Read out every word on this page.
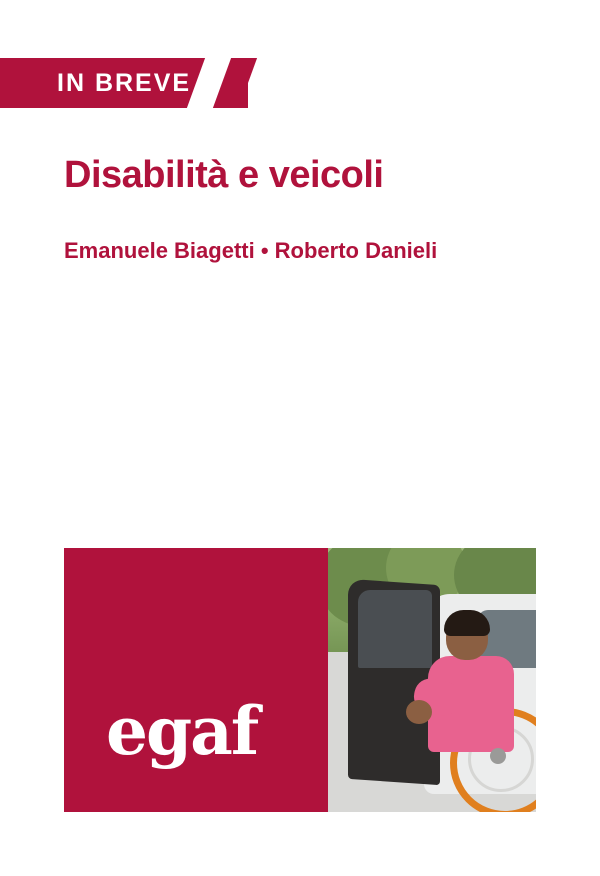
IN BREVE
Disabilità e veicoli
Emanuele Biagetti • Roberto Danieli
egaf
